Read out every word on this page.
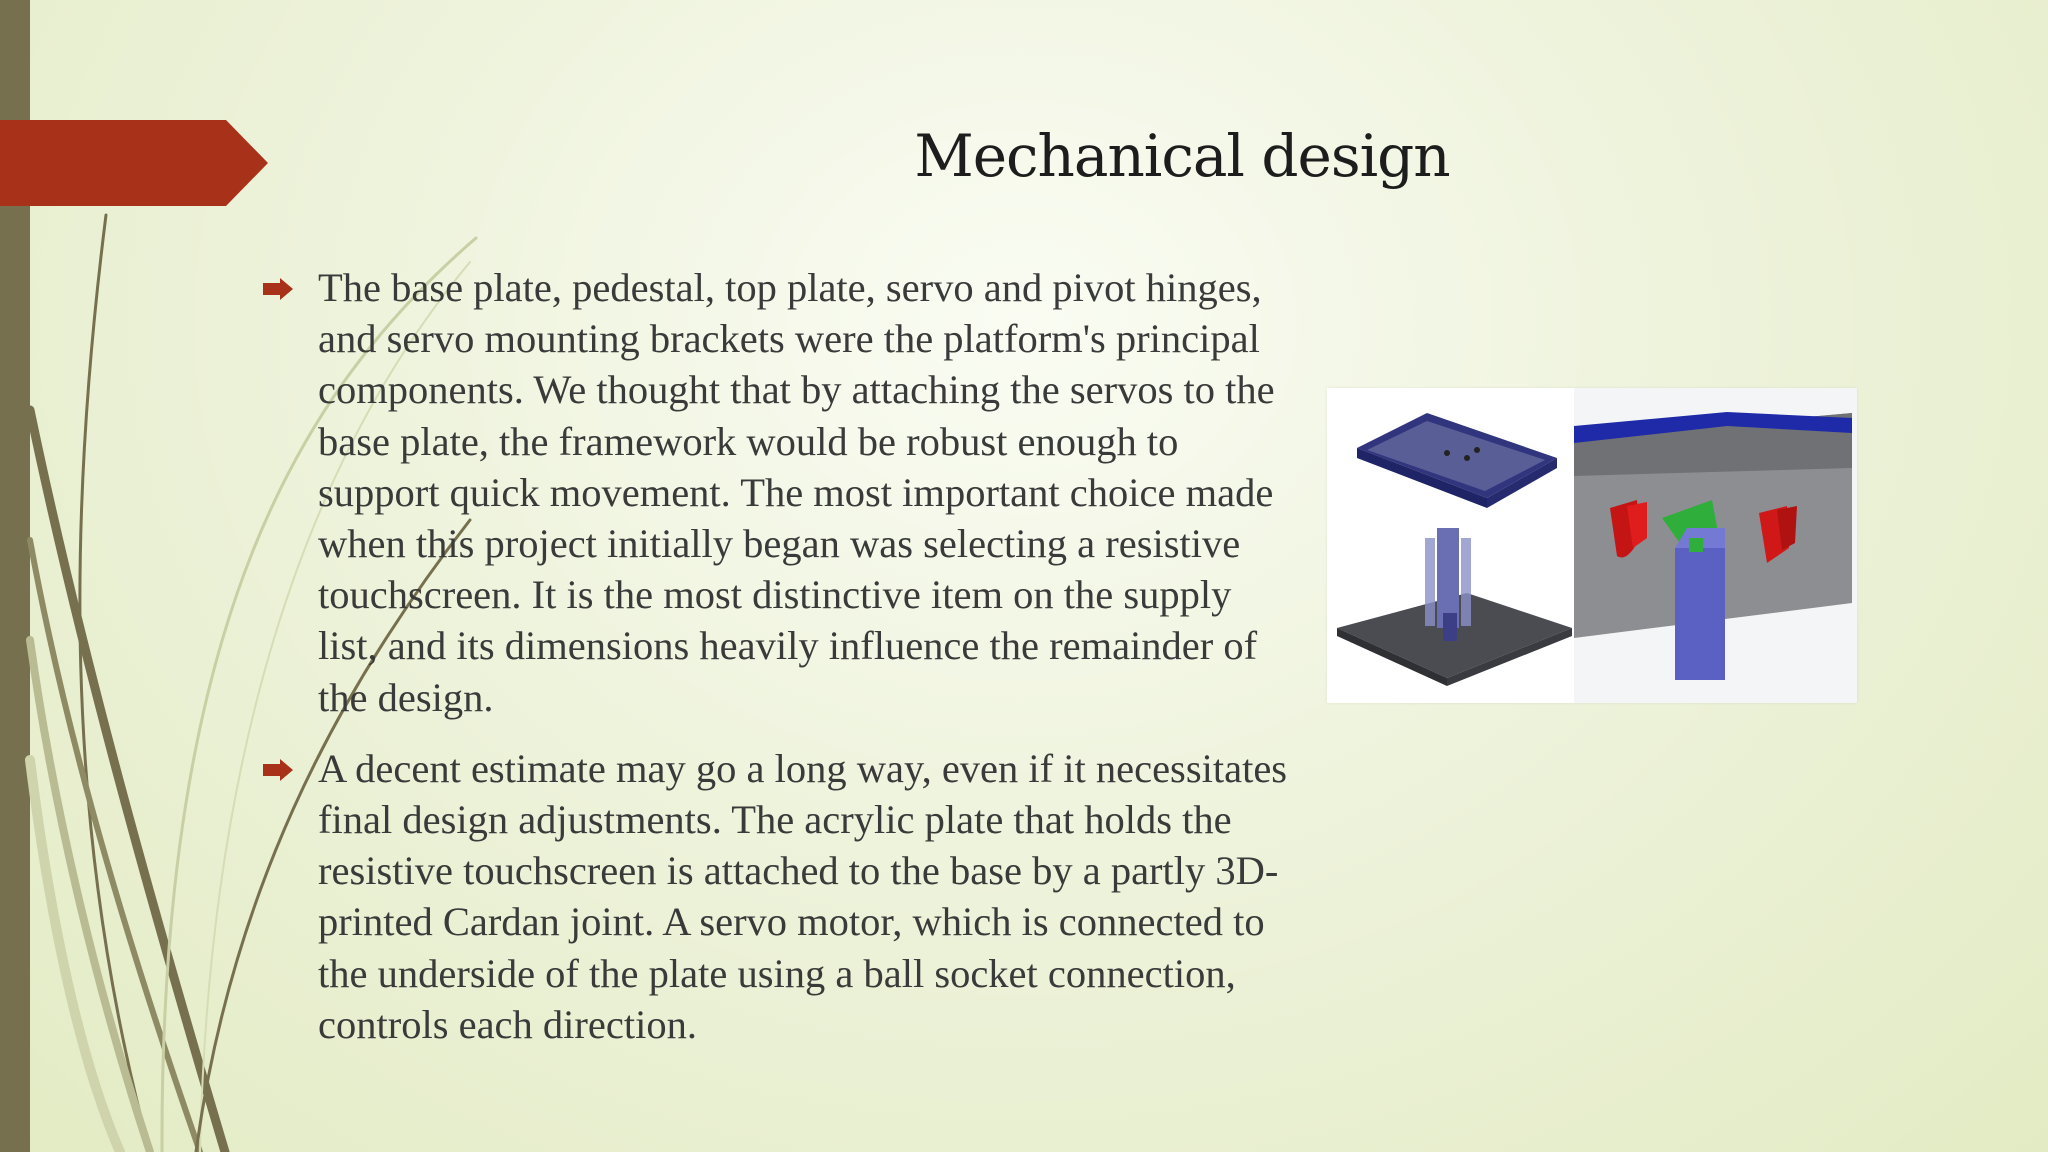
Mechanical design
The base plate, pedestal, top plate, servo and pivot hinges, and servo mounting brackets were the platform's principal components. We thought that by attaching the servos to the base plate, the framework would be robust enough to support quick movement. The most important choice made when this project initially began was selecting a resistive touchscreen. It is the most distinctive item on the supply list, and its dimensions heavily influence the remainder of the design.
A decent estimate may go a long way, even if it necessitates final design adjustments. The acrylic plate that holds the resistive touchscreen is attached to the base by a partly 3D-printed Cardan joint. A servo motor, which is connected to the underside of the plate using a ball socket connection, controls each direction.
